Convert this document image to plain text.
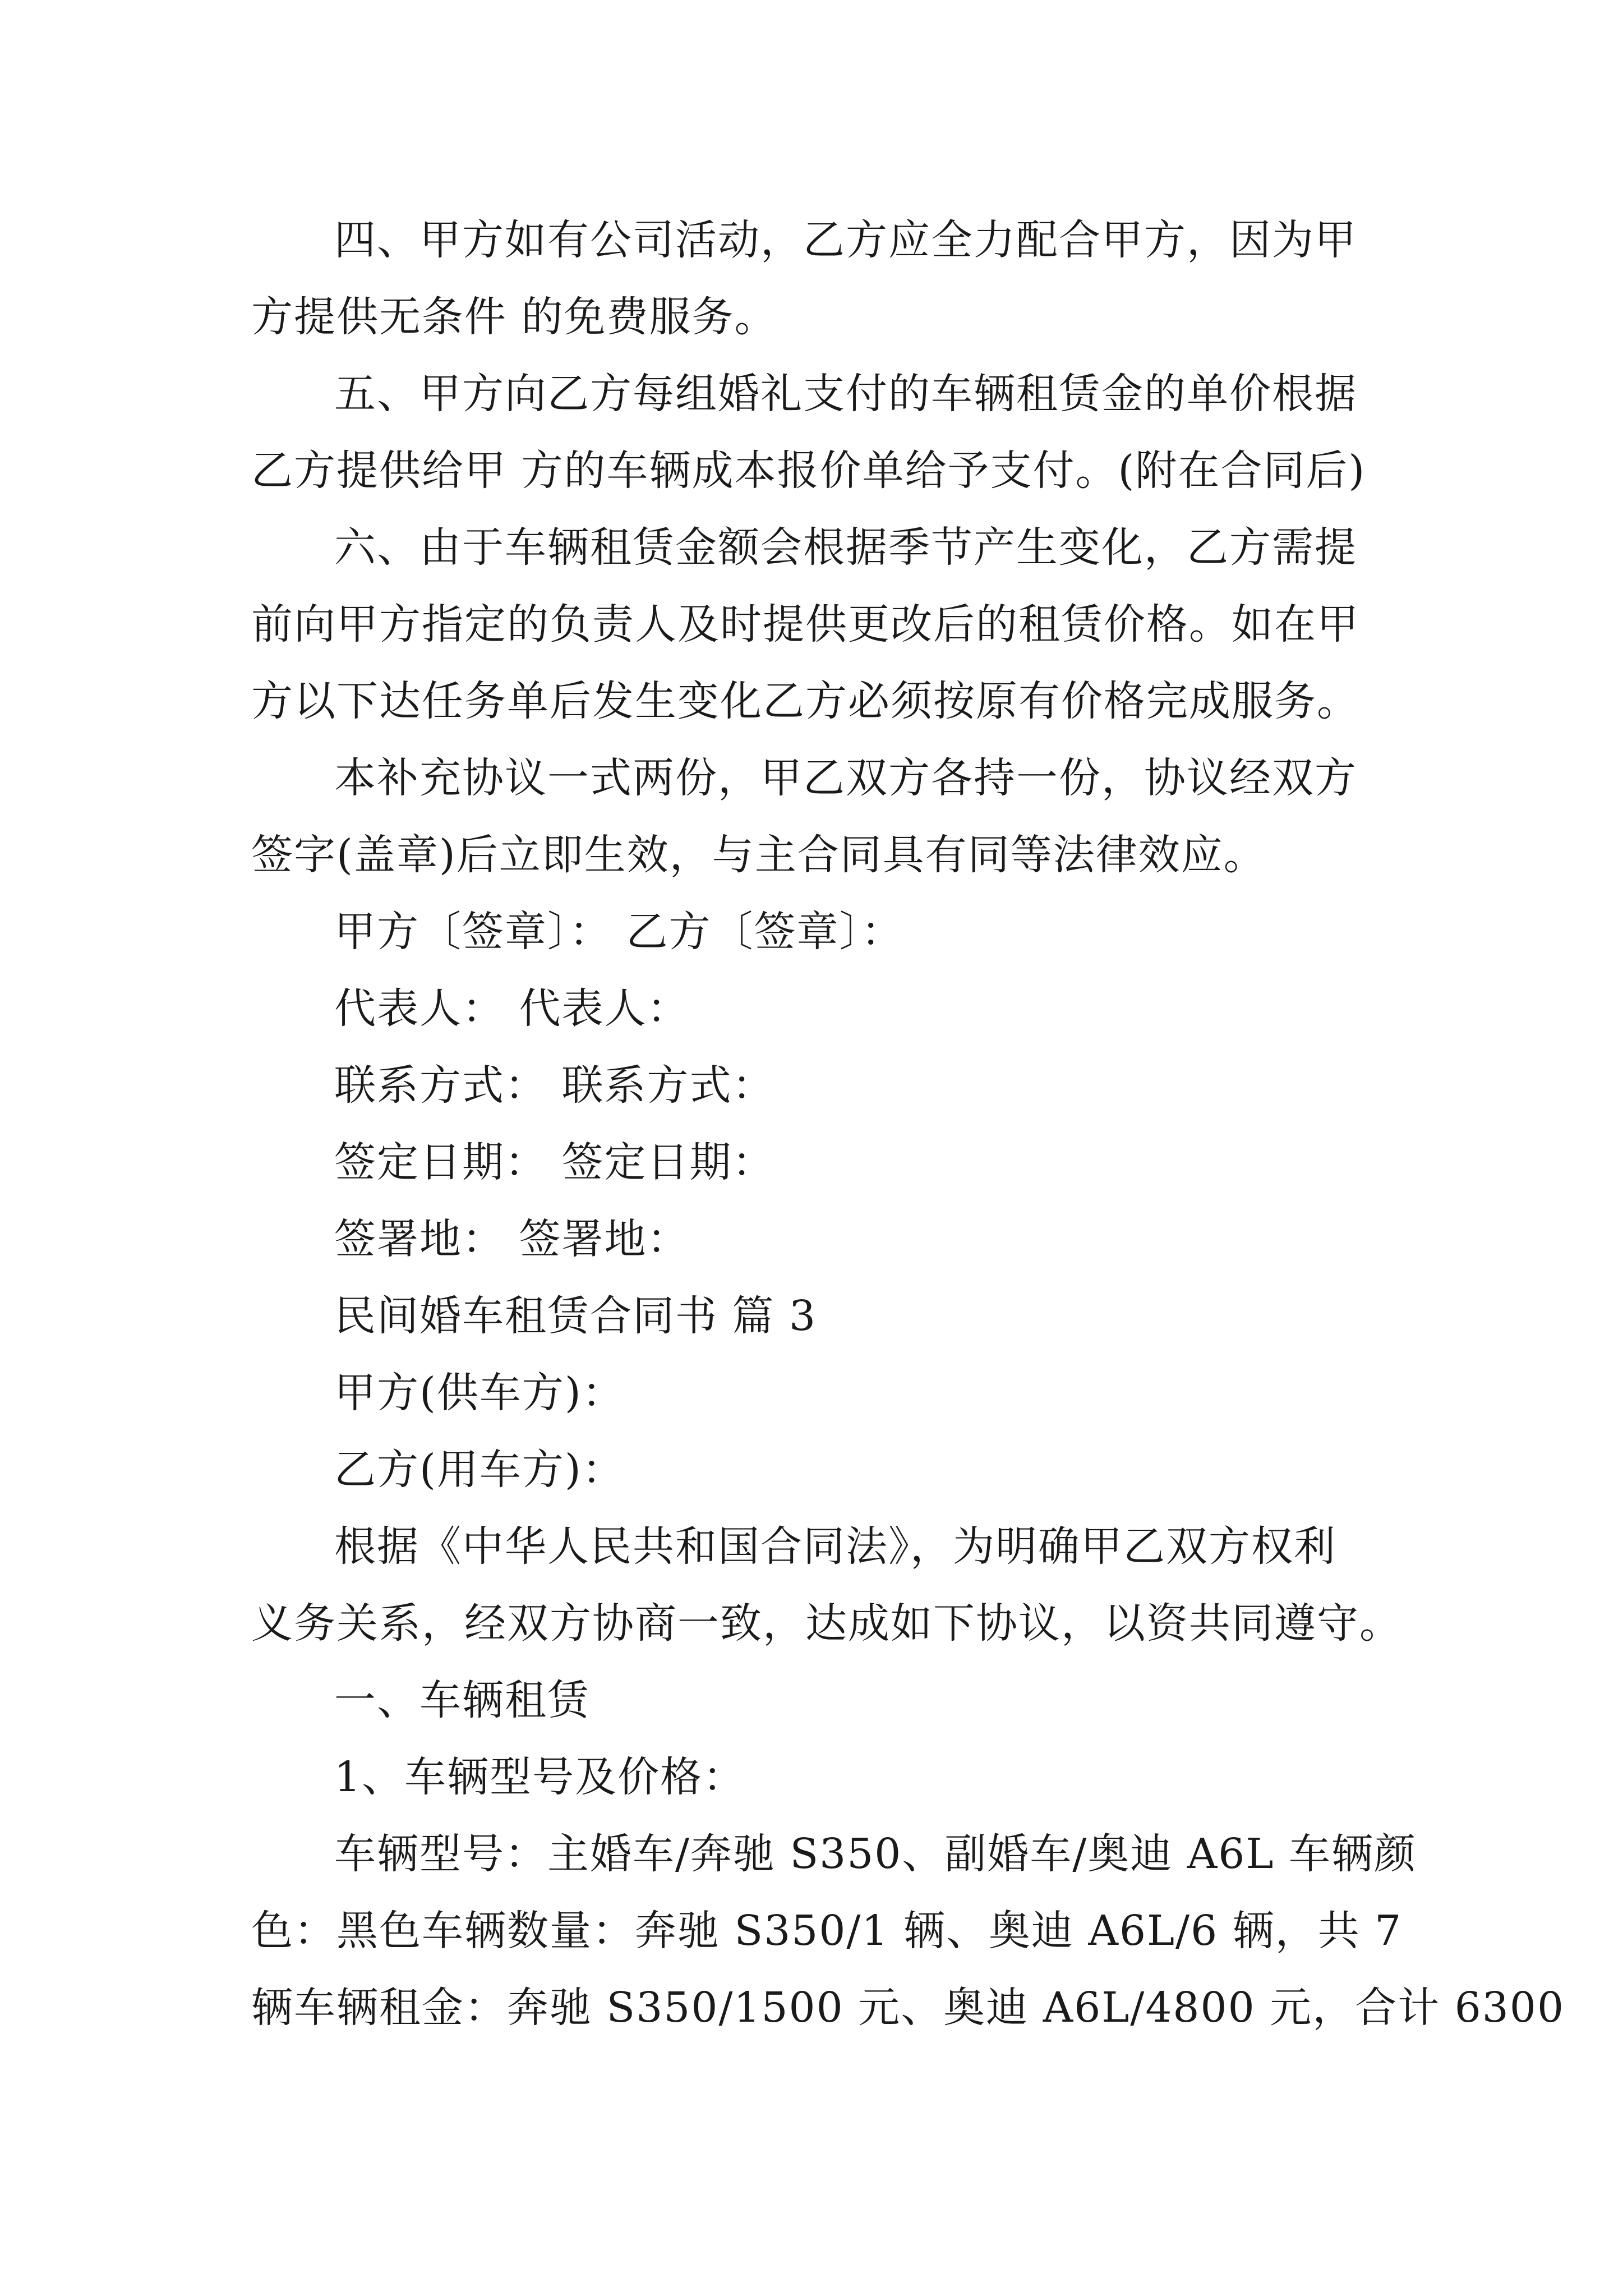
四、甲方如有公司活动，乙方应全力配合甲方，因为甲
方提供无条件 的免费服务。
五、甲方向乙方每组婚礼支付的车辆租赁金的单价根据
乙方提供给甲 方的车辆成本报价单给予支付。(附在合同后)
六、由于车辆租赁金额会根据季节产生变化，乙方需提
前向甲方指定的负责人及时提供更改后的租赁价格。如在甲
方以下达任务单后发生变化乙方必须按原有价格完成服务。
本补充协议一式两份，甲乙双方各持一份，协议经双方
签字(盖章)后立即生效，与主合同具有同等法律效应。
甲方〔签章〕： 乙方〔签章〕：
代表人： 代表人：
联系方式： 联系方式：
签定日期： 签定日期：
签署地： 签署地：
民间婚车租赁合同书 篇 3
甲方(供车方)：
乙方(用车方)：
根据《中华人民共和国合同法》，为明确甲乙双方权利
义务关系，经双方协商一致，达成如下协议，以资共同遵守。
一、车辆租赁
1、车辆型号及价格：
车辆型号：主婚车/奔驰 S350、副婚车/奥迪 A6L 车辆颜
色：黑色车辆数量：奔驰 S350/1 辆、奥迪 A6L/6 辆，共 7
辆车辆租金：奔驰 S350/1500 元、奥迪 A6L/4800 元，合计 6300
